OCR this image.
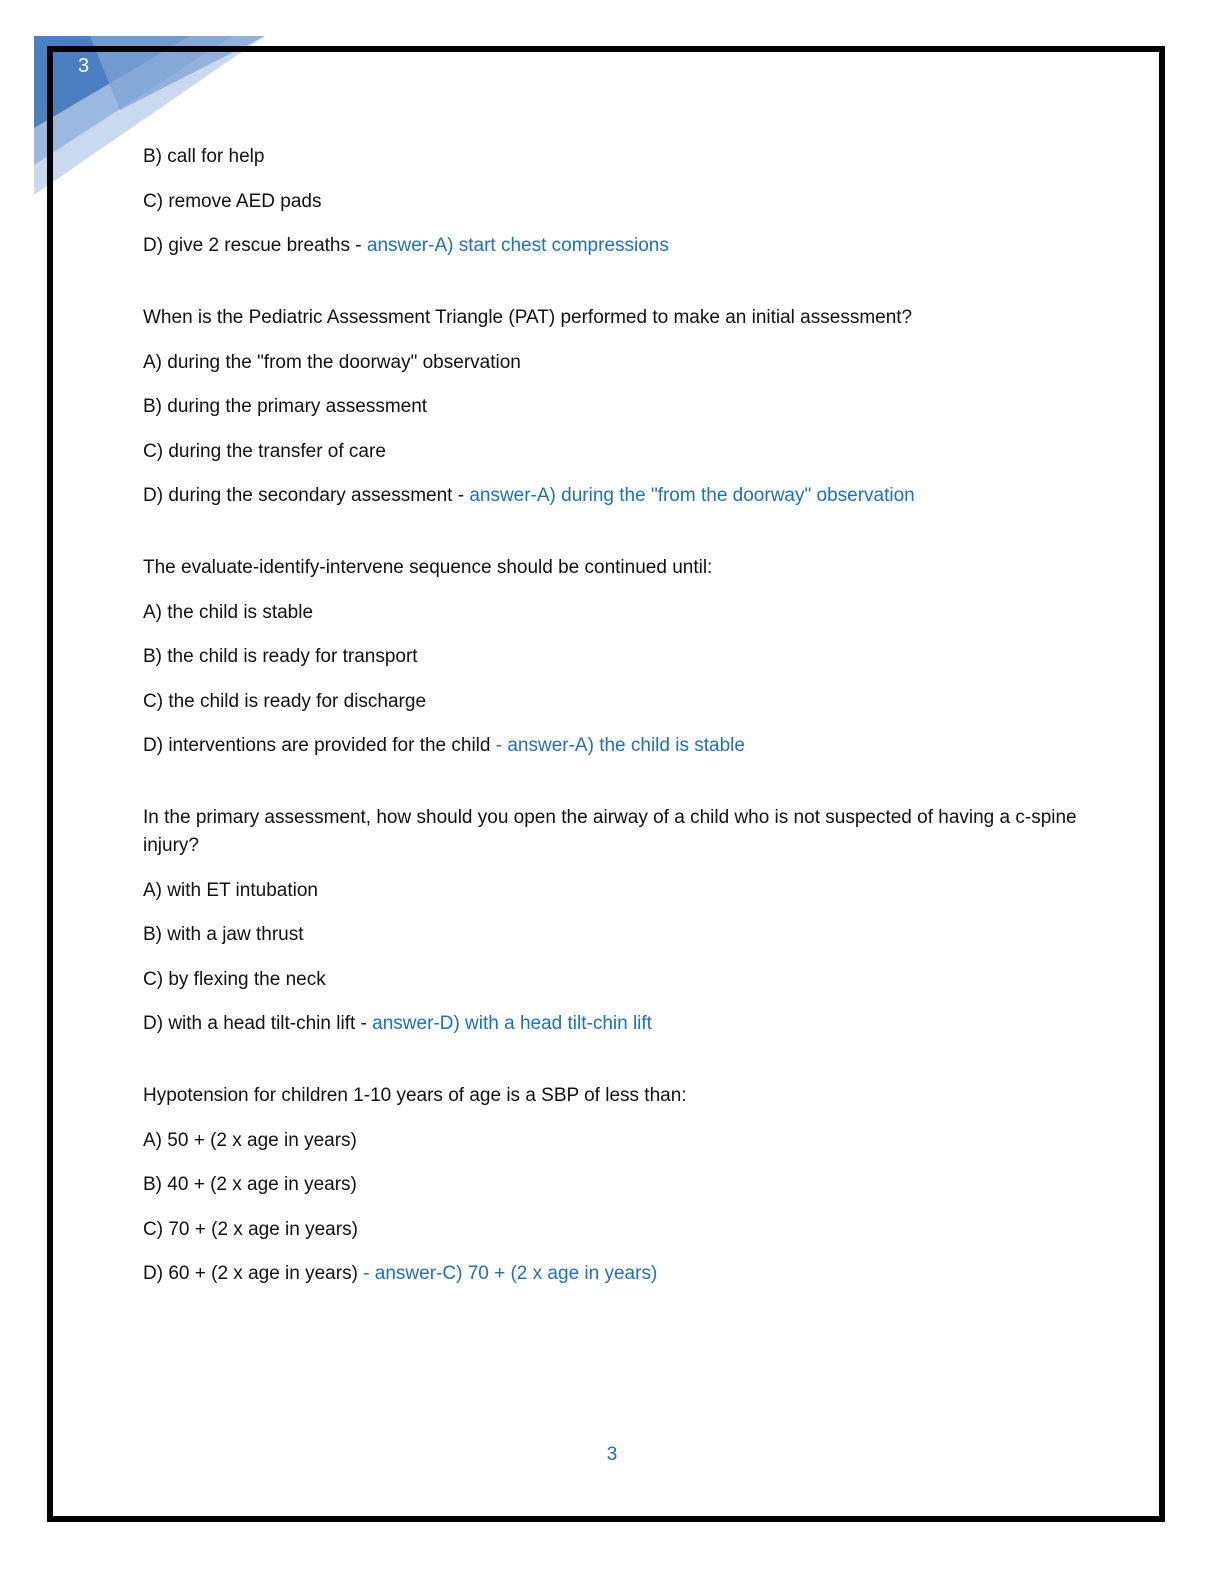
3
B) call for help
C) remove AED pads
D) give 2 rescue breaths - answer-A) start chest compressions
When is the Pediatric Assessment Triangle (PAT) performed to make an initial assessment?
A) during the "from the doorway" observation
B) during the primary assessment
C) during the transfer of care
D) during the secondary assessment - answer-A) during the "from the doorway" observation
The evaluate-identify-intervene sequence should be continued until:
A) the child is stable
B) the child is ready for transport
C) the child is ready for discharge
D) interventions are provided for the child - answer-A) the child is stable
In the primary assessment, how should you open the airway of a child who is not suspected of having a c-spine injury?
A) with ET intubation
B) with a jaw thrust
C) by flexing the neck
D) with a head tilt-chin lift - answer-D) with a head tilt-chin lift
Hypotension for children 1-10 years of age is a SBP of less than:
A) 50 + (2 x age in years)
B) 40 + (2 x age in years)
C) 70 + (2 x age in years)
D) 60 + (2 x age in years) - answer-C) 70 + (2 x age in years)
3
